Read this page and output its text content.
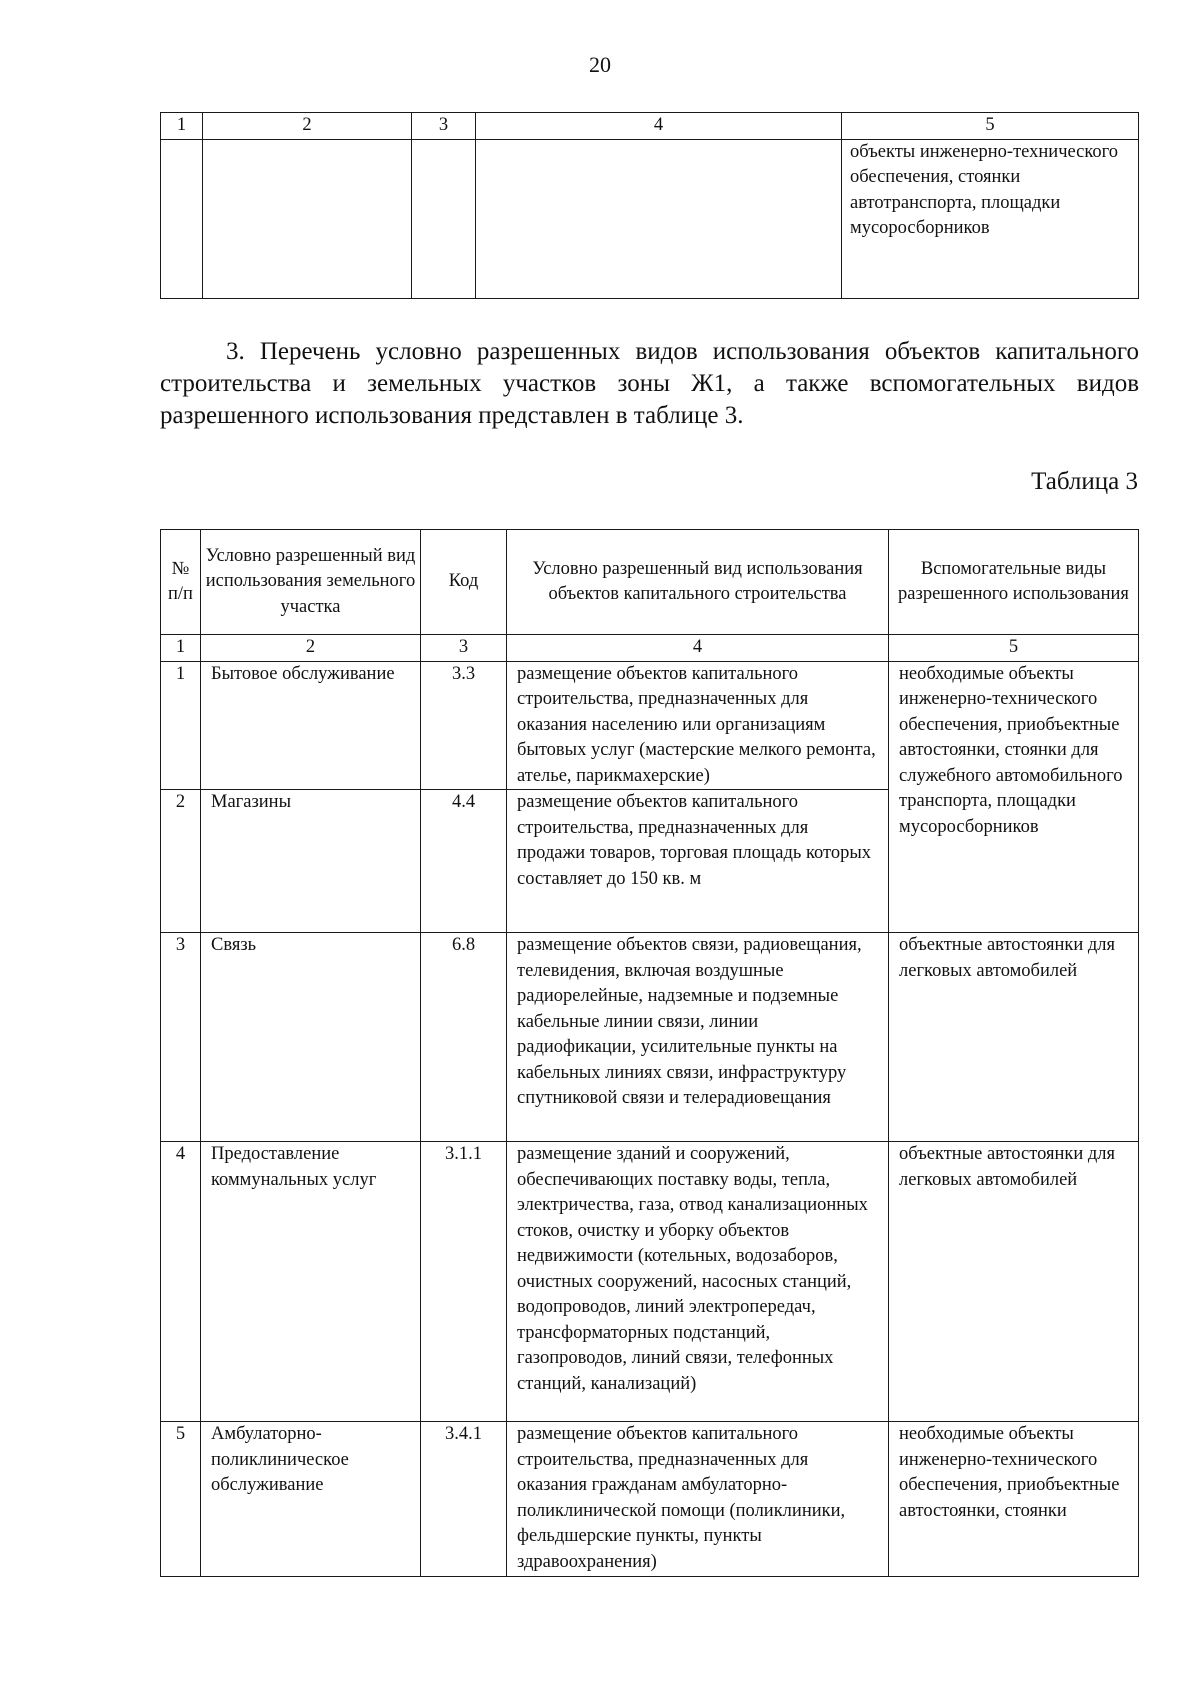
20
1	2	3	4	5
				объекты инженерно-технического обеспечения, стоянки автотранспорта, площадки мусоросборников
3. Перечень условно разрешенных видов использования объектов капитального строительства и земельных участков зоны Ж1, а также вспомогательных видов разрешенного использования представлен в таблице 3.
Таблица 3
№ п/п	Условно разрешенный вид использования земельного участка	Код	Условно разрешенный вид использования объектов капитального строительства	Вспомогательные виды разрешенного использования
1	2	3	4	5
1	Бытовое обслуживание	3.3	размещение объектов капитального строительства, предназначенных для оказания населению или организациям бытовых услуг (мастерские мелкого ремонта, ателье, парикмахерские)	необходимые объекты инженерно-технического обеспечения, приобъектные автостоянки, стоянки для служебного автомобильного транспорта, площадки мусоросборников
2	Магазины	4.4	размещение объектов капитального строительства, предназначенных для продажи товаров, торговая площадь которых составляет до 150 кв. м	
3	Связь	6.8	размещение объектов связи, радиовещания, телевидения, включая воздушные радиорелейные, надземные и подземные кабельные линии связи, линии радиофикации, усилительные пункты на кабельных линиях связи, инфраструктуру спутниковой связи и телерадиовещания	объектные автостоянки для легковых автомобилей
4	Предоставление коммунальных услуг	3.1.1	размещение зданий и сооружений, обеспечивающих поставку воды, тепла, электричества, газа, отвод канализационных стоков, очистку и уборку объектов недвижимости (котельных, водозаборов, очистных сооружений, насосных станций, водопроводов, линий электропередач, трансформаторных подстанций, газопроводов, линий связи, телефонных станций, канализаций)	объектные автостоянки для легковых автомобилей
5	Амбулаторно-поликлиническое обслуживание	3.4.1	размещение объектов капитального строительства, предназначенных для оказания гражданам амбулаторно-поликлинической помощи (поликлиники, фельдшерские пункты, пункты здравоохранения)	необходимые объекты инженерно-технического обеспечения, приобъектные автостоянки, стоянки
